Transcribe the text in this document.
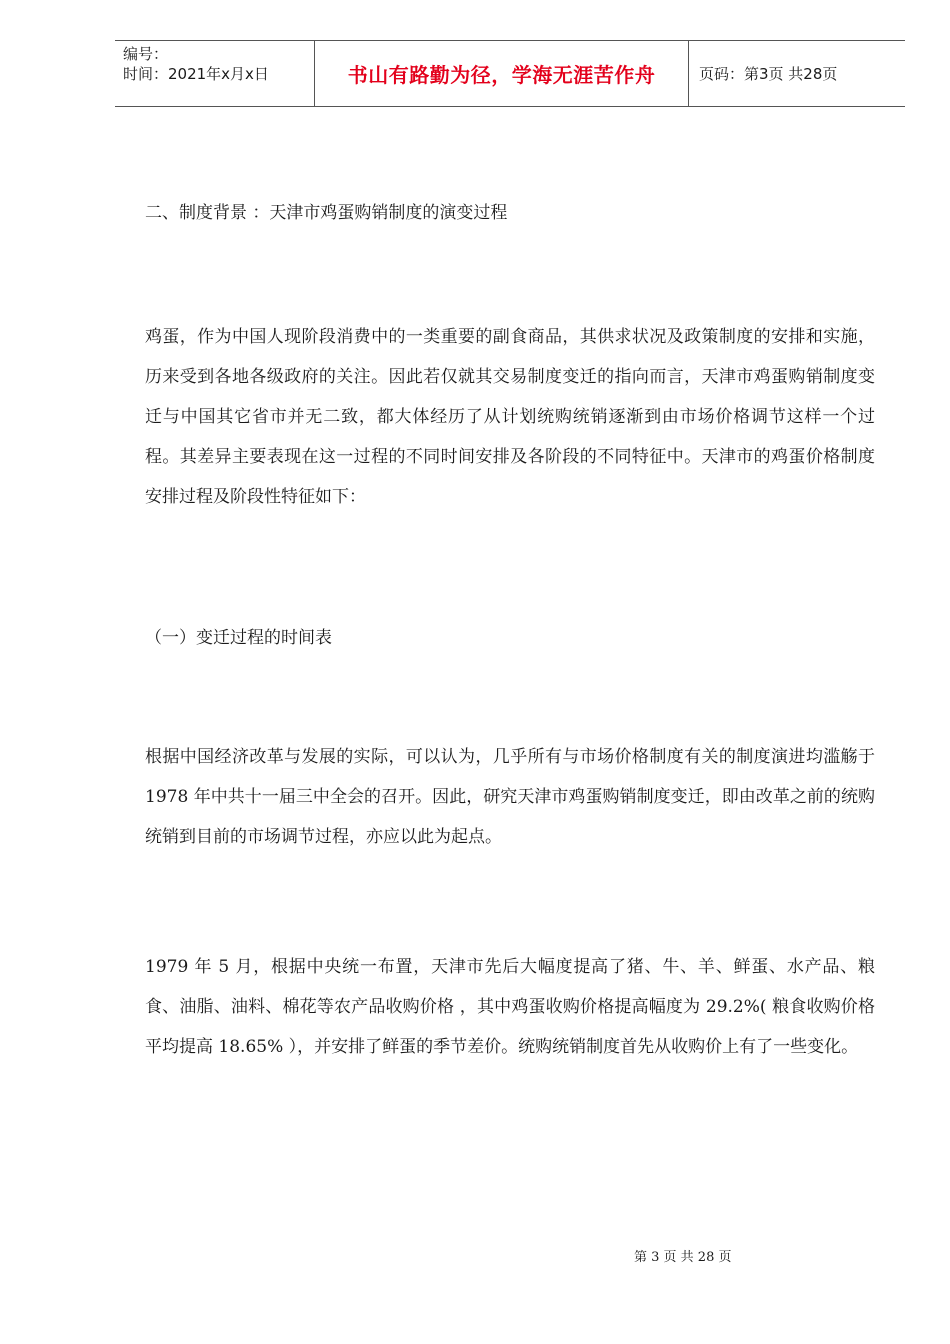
编号：
时间：2021年x月x日	书山有路勤为径，学海无涯苦作舟	页码：第3页 共28页
二、制度背景 ：天津市鸡蛋购销制度的演变过程
鸡蛋，作为中国人现阶段消费中的一类重要的副食商品，其供求状况及政策制度的安排和实施，历来受到各地各级政府的关注。因此若仅就其交易制度变迁的指向而言，天津市鸡蛋购销制度变迁与中国其它省市并无二致，都大体经历了从计划统购统销逐渐到由市场价格调节这样一个过程。其差异主要表现在这一过程的不同时间安排及各阶段的不同特征中。天津市的鸡蛋价格制度安排过程及阶段性特征如下：
（一）变迁过程的时间表
根据中国经济改革与发展的实际，可以认为，几乎所有与市场价格制度有关的制度演进均滥觞于 1978 年中共十一届三中全会的召开。因此，研究天津市鸡蛋购销制度变迁，即由改革之前的统购统销到目前的市场调节过程，亦应以此为起点。
1979 年 5 月，根据中央统一布置，天津市先后大幅度提高了猪、牛、羊、鲜蛋、水产品、粮食、油脂、油料、棉花等农产品收购价格 ，其中鸡蛋收购价格提高幅度为 29.2%( 粮食收购价格平均提高 18.65% ），并安排了鲜蛋的季节差价。统购统销制度首先从收购价上有了一些变化。
第 3 页 共 28 页
